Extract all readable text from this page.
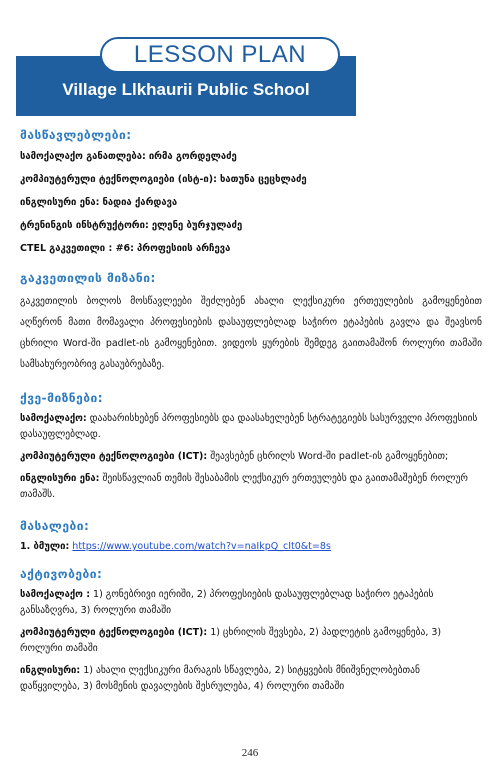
Village Llkhaurii Public School

LESSON PLAN

მასწავლებლები:

სამოქალაქო განათლება: ირმა გორდელაძე

კომპიუტერული ტექნოლოგიები (ისტ-ი): ხათუნა ცეცხლაძე

ინგლისური ენა: ნადია ქარდავა

ტრენინგის ინსტრუქტორი: ელენე ბურჯულაძე

CTEL გაკვეთილი : #6: პროფესიის არჩევა

გაკვეთილის მიზანი:

გაკვეთილის ბოლოს მოსწავლეები შეძლებენ ახალი ლექსიკური ერთეულების გამოყენებით აღწერონ მათი მომავალი პროფესიების დასაუფლებლად საჭირო ეტაპების გავლა და შეავსონ ცხრილი Word-ში padlet-ის გამოყენებით. ვიდეოს ყურების შემდეგ გაითამაშონ როლური თამაში სამსახურეობრივ გასაუბრებაზე.

ქვე-მიზნები:

სამოქალაქო: დაახარისხებენ პროფესიებს და დაასახელებენ სტრატეგიებს სასურველი პროფესიის დასაუფლებლად.

კომპიუტერული ტექნოლოგიები (ICT): შეავსებენ ცხრილს Word-ში padlet-ის გამოყენებით;

ინგლისური ენა: შეისწავლიან თემის შესაბამის ლექსიკურ ერთეულებს და გაითამაშებენ როლურ თამაშს.

მასალები:

1. ბმული: https://www.youtube.com/watch?v=naIkpQ_cIt0&t=8s

აქტივობები:

სამოქალაქო : 1) გონებრივი იერიში, 2) პროფესიების დასაუფლებლად საჭირო ეტაპების განსაზღვრა, 3) როლური თამაში

კომპიუტერული ტექნოლოგიები (ICT): 1) ცხრილის შევსება, 2) პადლეტის გამოყენება, 3) როლური თამაში

ინგლისური: 1) ახალი ლექსიკური მარაგის სწავლება, 2) სიტყვების მნიშვნელობებთან დაწყვილება, 3) მოსმენის დავალების შესრულება, 4) როლური თამაში

246
